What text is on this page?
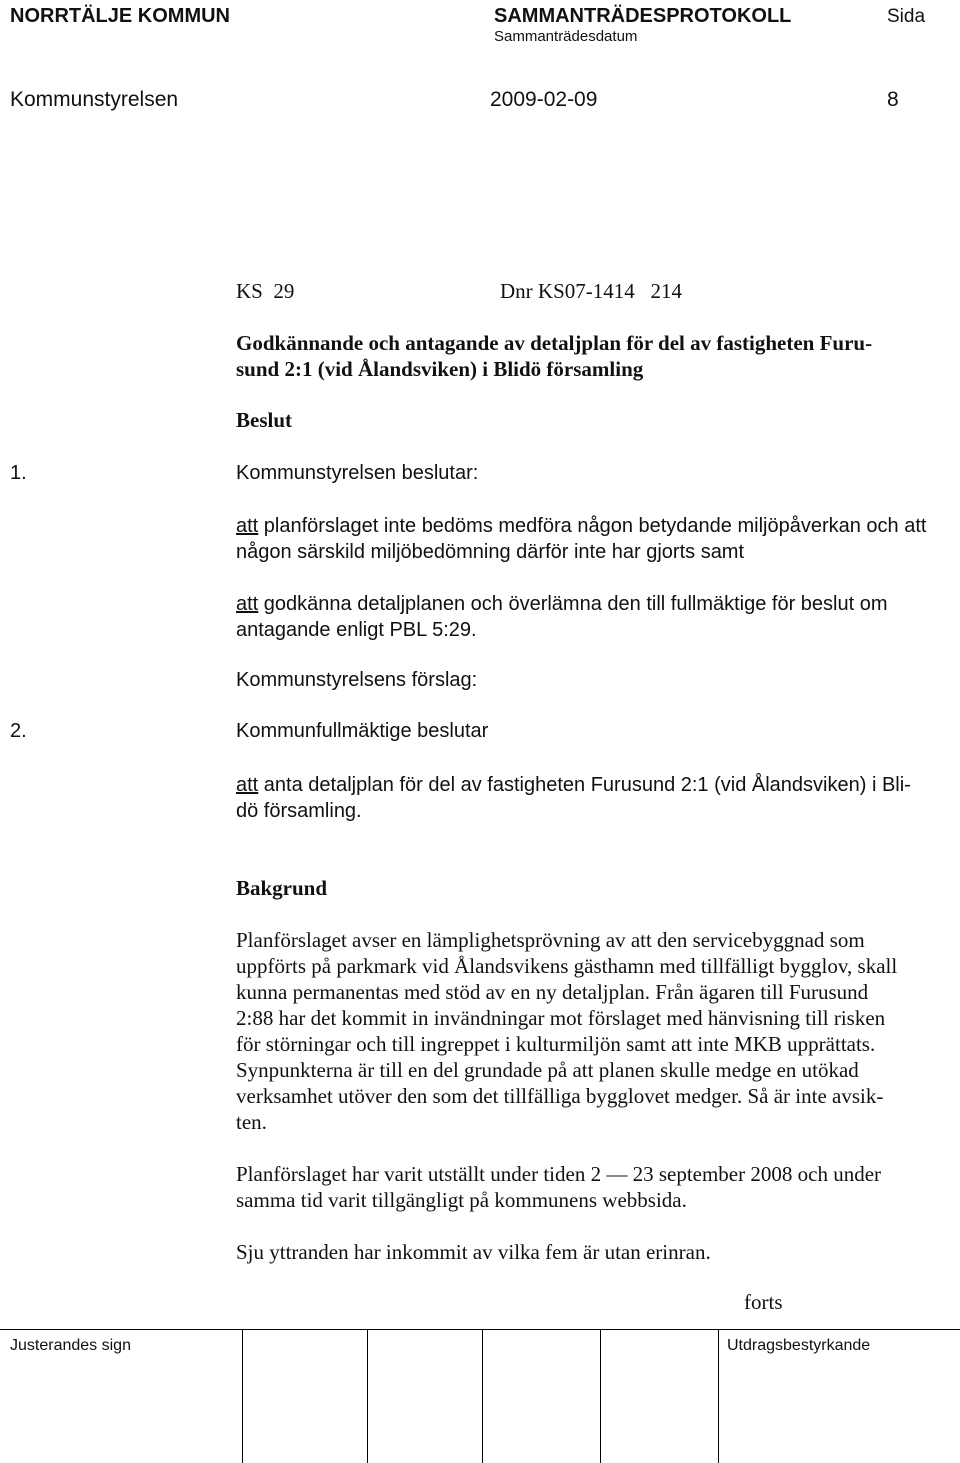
NORRTÄLJE KOMMUN	SAMMANTRÄDESPROTOKOLL
Sammanträdesdatum
Sida
Kommunstyrelsen	2009-02-09	8
KS  29	Dnr KS07-1414   214
Godkännande och antagande av detaljplan för del av fastigheten Furu-
sund 2:1 (vid Ålandsviken) i Blidö församling
Beslut
1.	Kommunstyrelsen beslutar:
att planförslaget inte bedöms medföra någon betydande miljöpåverkan och att
någon särskild miljöbedömning därför inte har gjorts samt
att godkänna detaljplanen och överlämna den till fullmäktige för beslut om
antagande enligt PBL 5:29.
Kommunstyrelsens förslag:
2.	Kommunfullmäktige beslutar
att anta detaljplan för del av fastigheten Furusund 2:1 (vid Ålandsviken) i Bli-
dö församling.
Bakgrund
Planförslaget avser en lämplighetsprövning av att den servicebyggnad som
uppförts på parkmark vid Ålandsvikens gästhamn med tillfälligt bygglov, skall
kunna permanentas med stöd av en ny detaljplan. Från ägaren till Furusund
2:88 har det kommit in invändningar mot förslaget med hänvisning till risken
för störningar och till ingreppet i kulturmiljön samt att inte MKB upprättats.
Synpunkterna är till en del grundade på att planen skulle medge en utökad
verksamhet utöver den som det tillfälliga bygglovet medger. Så är inte avsik-
ten.
Planförslaget har varit utställt under tiden 2 — 23 september 2008 och under
samma tid varit tillgängligt på kommunens webbsida.
Sju yttranden har inkommit av vilka fem är utan erinran.
forts
Justerandes sign	Utdragsbestyrkande
